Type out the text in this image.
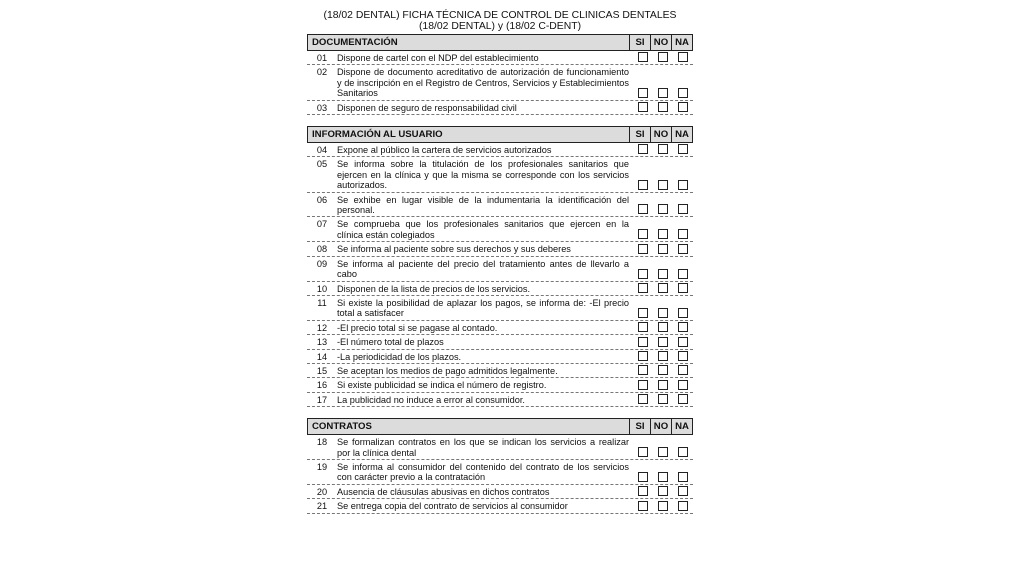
(18/02 DENTAL) FICHA TÉCNICA DE CONTROL DE CLINICAS DENTALES

(18/02 DENTAL) y (18/02 C-DENT)

DOCUMENTACIÓN	SI NO NA
01	Dispone de cartel con el NDP del establecimiento
02	Dispone de documento acreditativo de autorización de funcionamiento y de inscripción en el Registro de Centros, Servicios y Establecimientos Sanitarios
03	Disponen de seguro de responsabilidad civil
INFORMACIÓN AL USUARIO	SI NO NA
04	Expone al público la cartera de servicios autorizados
05	Se informa sobre la titulación de los profesionales sanitarios que ejercen en la clínica y que la misma se corresponde con los servicios autorizados.
06	Se exhibe en lugar visible de la indumentaria la identificación del personal.
07	Se comprueba que los profesionales sanitarios que ejercen en la clínica están colegiados
08	Se informa al paciente sobre sus derechos y sus deberes
09	Se informa al paciente del precio del tratamiento antes de llevarlo a cabo
10	Disponen de la lista de precios de los servicios.
11	Si existe la posibilidad de aplazar los pagos, se informa de: -El precio total a satisfacer
12	-El precio total si se pagase al contado.
13	-El número total de plazos
14	-La periodicidad de los plazos.
15	Se aceptan los medios de pago admitidos legalmente.
16	Si existe publicidad se indica el número de registro.
17	La publicidad no induce a error al consumidor.
CONTRATOS	SI NO NA
18	Se formalizan contratos en los que se indican los servicios a realizar por la clínica dental
19	Se informa al consumidor del contenido del contrato de los servicios con carácter previo a la contratación
20	Ausencia de cláusulas abusivas en dichos contratos
21	Se entrega copia del contrato de servicios al consumidor
